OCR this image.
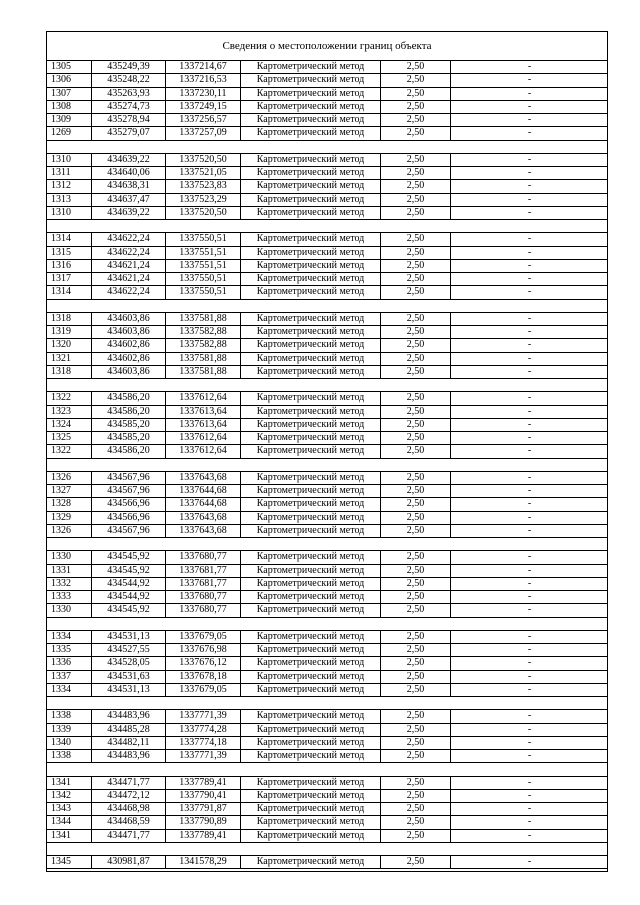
Сведения о местоположении границ объекта
1305	435249,39	1337214,67	Картометрический метод	2,50	-
1306	435248,22	1337216,53	Картометрический метод	2,50	-
1307	435263,93	1337230,11	Картометрический метод	2,50	-
1308	435274,73	1337249,15	Картометрический метод	2,50	-
1309	435278,94	1337256,57	Картометрический метод	2,50	-
1269	435279,07	1337257,09	Картометрический метод	2,50	-
1310	434639,22	1337520,50	Картометрический метод	2,50	-
1311	434640,06	1337521,05	Картометрический метод	2,50	-
1312	434638,31	1337523,83	Картометрический метод	2,50	-
1313	434637,47	1337523,29	Картометрический метод	2,50	-
1310	434639,22	1337520,50	Картометрический метод	2,50	-
1314	434622,24	1337550,51	Картометрический метод	2,50	-
1315	434622,24	1337551,51	Картометрический метод	2,50	-
1316	434621,24	1337551,51	Картометрический метод	2,50	-
1317	434621,24	1337550,51	Картометрический метод	2,50	-
1314	434622,24	1337550,51	Картометрический метод	2,50	-
1318	434603,86	1337581,88	Картометрический метод	2,50	-
1319	434603,86	1337582,88	Картометрический метод	2,50	-
1320	434602,86	1337582,88	Картометрический метод	2,50	-
1321	434602,86	1337581,88	Картометрический метод	2,50	-
1318	434603,86	1337581,88	Картометрический метод	2,50	-
1322	434586,20	1337612,64	Картометрический метод	2,50	-
1323	434586,20	1337613,64	Картометрический метод	2,50	-
1324	434585,20	1337613,64	Картометрический метод	2,50	-
1325	434585,20	1337612,64	Картометрический метод	2,50	-
1322	434586,20	1337612,64	Картометрический метод	2,50	-
1326	434567,96	1337643,68	Картометрический метод	2,50	-
1327	434567,96	1337644,68	Картометрический метод	2,50	-
1328	434566,96	1337644,68	Картометрический метод	2,50	-
1329	434566,96	1337643,68	Картометрический метод	2,50	-
1326	434567,96	1337643,68	Картометрический метод	2,50	-
1330	434545,92	1337680,77	Картометрический метод	2,50	-
1331	434545,92	1337681,77	Картометрический метод	2,50	-
1332	434544,92	1337681,77	Картометрический метод	2,50	-
1333	434544,92	1337680,77	Картометрический метод	2,50	-
1330	434545,92	1337680,77	Картометрический метод	2,50	-
1334	434531,13	1337679,05	Картометрический метод	2,50	-
1335	434527,55	1337676,98	Картометрический метод	2,50	-
1336	434528,05	1337676,12	Картометрический метод	2,50	-
1337	434531,63	1337678,18	Картометрический метод	2,50	-
1334	434531,13	1337679,05	Картометрический метод	2,50	-
1338	434483,96	1337771,39	Картометрический метод	2,50	-
1339	434485,28	1337774,28	Картометрический метод	2,50	-
1340	434482,11	1337774,18	Картометрический метод	2,50	-
1338	434483,96	1337771,39	Картометрический метод	2,50	-
1341	434471,77	1337789,41	Картометрический метод	2,50	-
1342	434472,12	1337790,41	Картометрический метод	2,50	-
1343	434468,98	1337791,87	Картометрический метод	2,50	-
1344	434468,59	1337790,89	Картометрический метод	2,50	-
1341	434471,77	1337789,41	Картометрический метод	2,50	-
1345	430981,87	1341578,29	Картометрический метод	2,50	-
